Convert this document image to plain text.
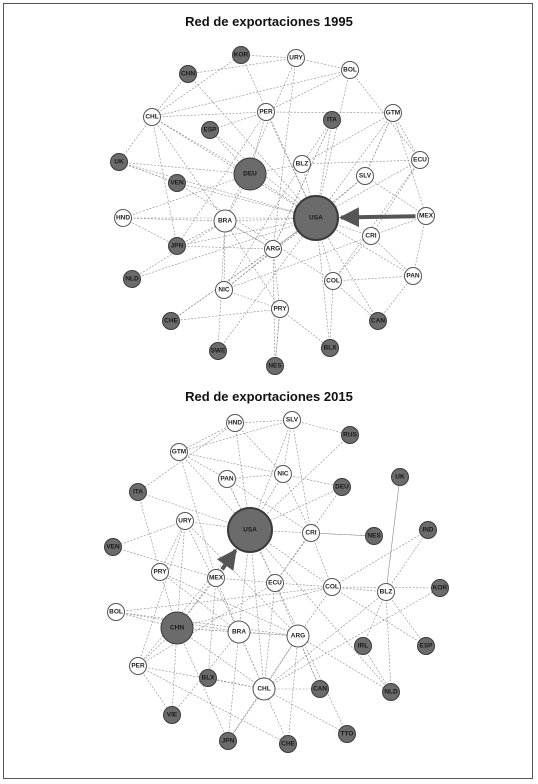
Red de exportaciones 1995
KOR	URY
CHN
BOL
PER
CHL	ITA
GTM
ESP
UK	ECU
BLZ
DEU	SLV
VEN
USA	MEX
HND	BRA
CRI
JPN	ARG
NLD	PAN
COL
NIC
PRY
CHE	CAN
SWE	BLX
NES
Red de exportaciones 2015
HND	SLV
RUS
GTM
NIC
PAN
DEU
UK
ITA
URY
USA	CRI	IND
NES
VEN
PRY
MEX
ECU
COL	KOR
BOL
BLZ
CHN
BRA
ARG
IRL	ESP
PER
BLX
CHL	CAN	NLD
VIE
JPN	CHE
TTO
